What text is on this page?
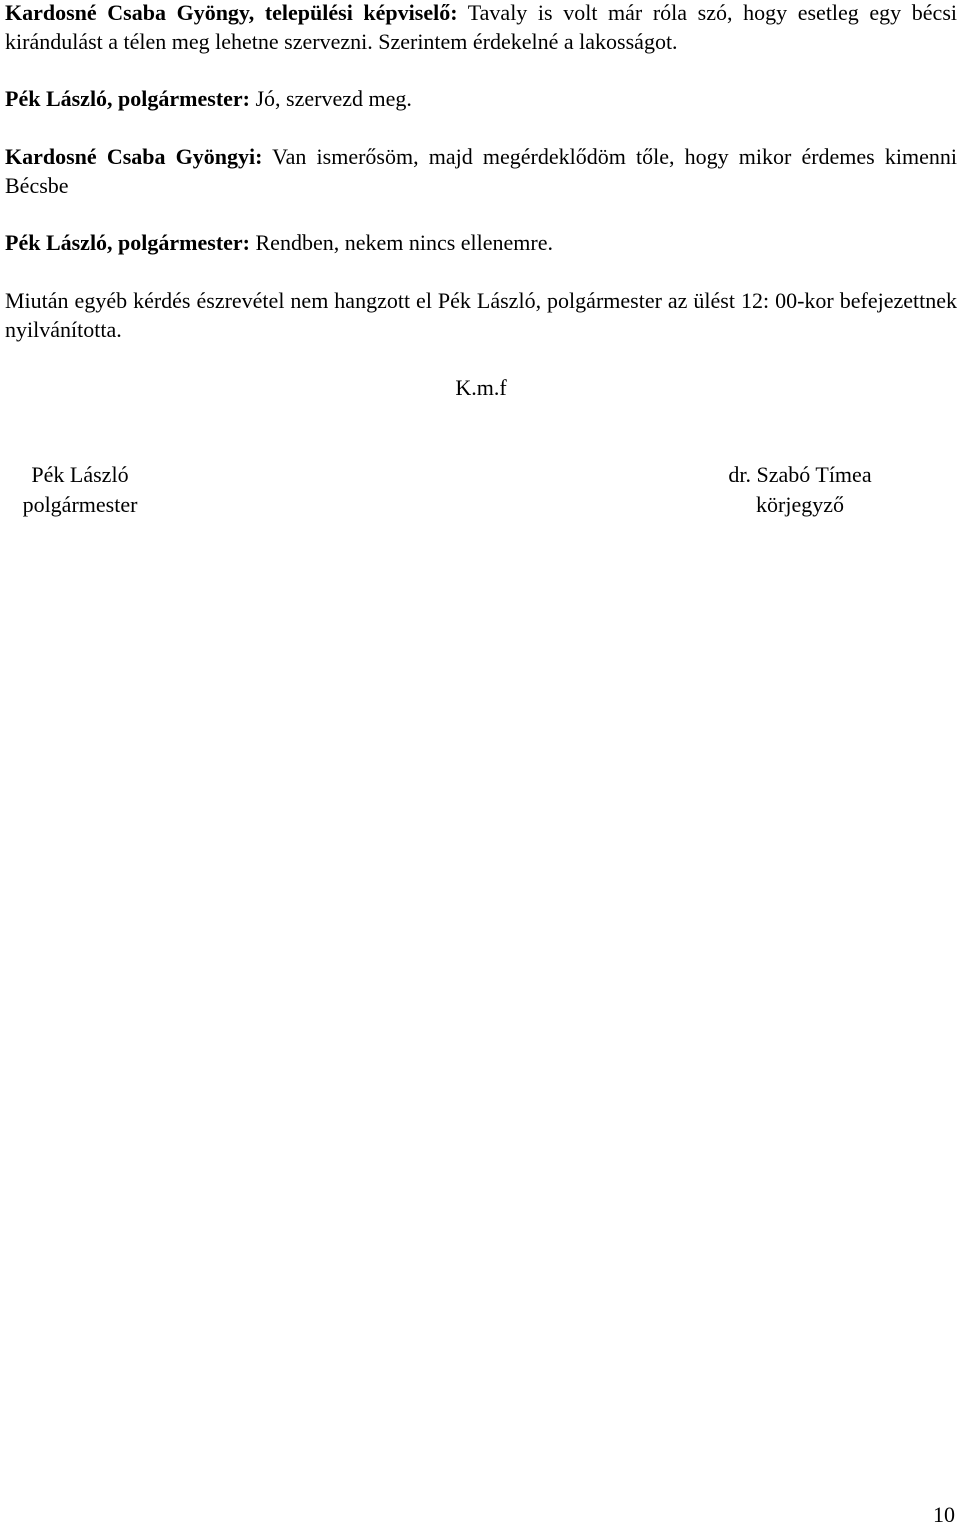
Kardosné Csaba Gyöngy, települési képviselő: Tavaly is volt már róla szó, hogy esetleg egy bécsi kirándulást a télen meg lehetne szervezni. Szerintem érdekelné a lakosságot.

Pék László, polgármester: Jó, szervezd meg.

Kardosné Csaba Gyöngyi: Van ismerősöm, majd megérdeklődöm tőle, hogy mikor érdemes kimenni Bécsbe

Pék László, polgármester: Rendben, nekem nincs ellenemre.

Miután egyéb kérdés észrevétel nem hangzott el Pék László, polgármester az ülést 12: 00-kor befejezettnek nyilvánította.

K.m.f
Pék László
polgármester
dr. Szabó Tímea
körjegyző
10
